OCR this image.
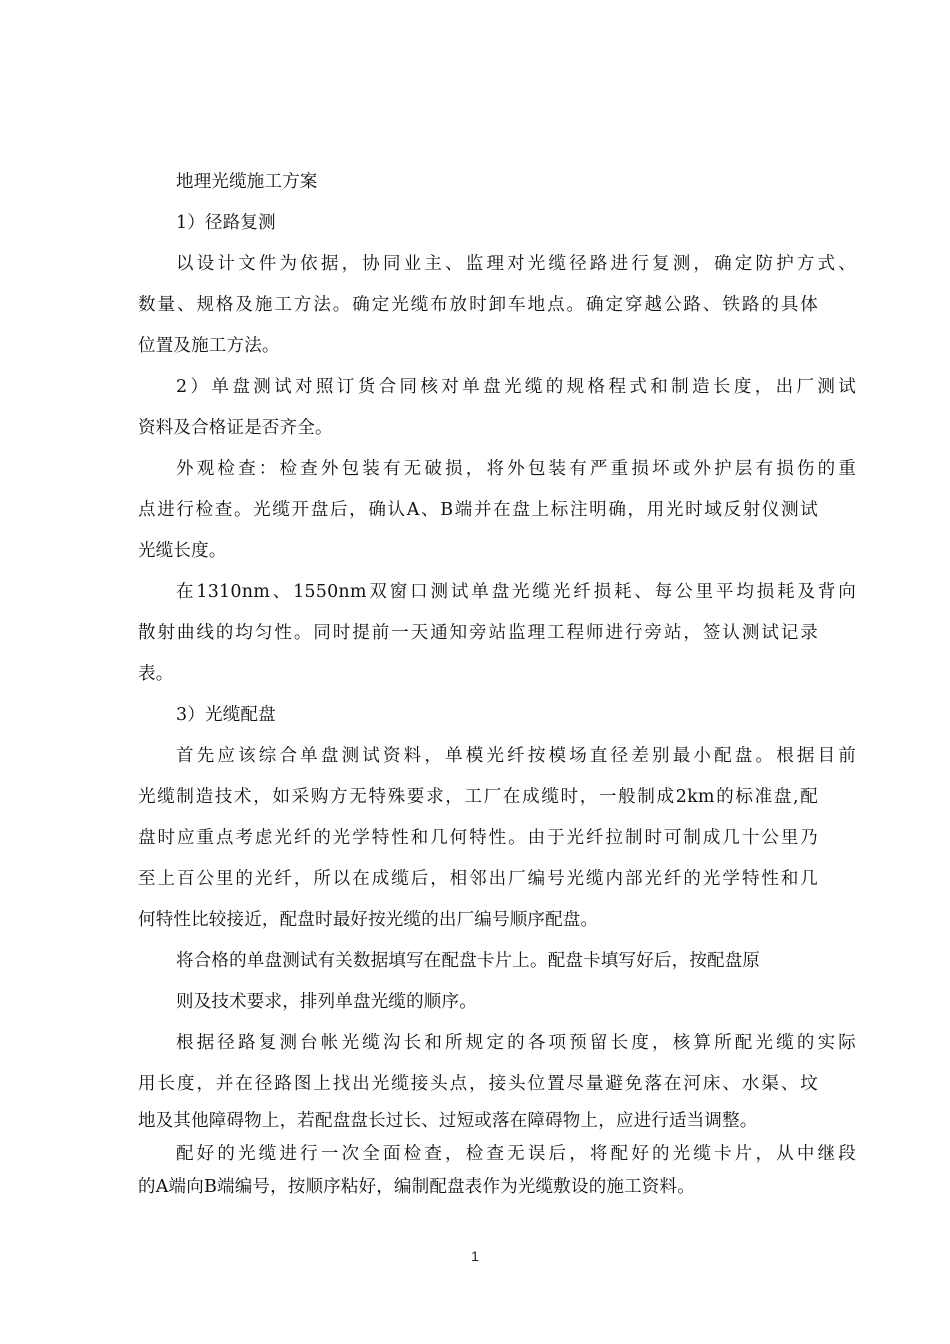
地理光缆施工方案
1）径路复测
以设计文件为依据，协同业主、监理对光缆径路进行复测，确定防护方式、
数量、规格及施工方法。确定光缆布放时卸车地点。确定穿越公路、铁路的具体
位置及施工方法。
2）单盘测试对照订货合同核对单盘光缆的规格程式和制造长度，出厂测试
资料及合格证是否齐全。
外观检查：检查外包装有无破损，将外包装有严重损坏或外护层有损伤的重
点进行检查。光缆开盘后，确认A、B端并在盘上标注明确，用光时域反射仪测试
光缆长度。
在1310nm、1550nm双窗口测试单盘光缆光纤损耗、每公里平均损耗及背向
散射曲线的均匀性。同时提前一天通知旁站监理工程师进行旁站，签认测试记录
表。
3）光缆配盘
首先应该综合单盘测试资料，单模光纤按模场直径差别最小配盘。根据目前
光缆制造技术，如采购方无特殊要求，工厂在成缆时，一般制成2km的标准盘,配
盘时应重点考虑光纤的光学特性和几何特性。由于光纤拉制时可制成几十公里乃
至上百公里的光纤，所以在成缆后，相邻出厂编号光缆内部光纤的光学特性和几
何特性比较接近，配盘时最好按光缆的出厂编号顺序配盘。
将合格的单盘测试有关数据填写在配盘卡片上。配盘卡填写好后，按配盘原
则及技术要求，排列单盘光缆的顺序。
根据径路复测台帐光缆沟长和所规定的各项预留长度，核算所配光缆的实际
用长度，并在径路图上找出光缆接头点，接头位置尽量避免落在河床、水渠、坟
地及其他障碍物上，若配盘盘长过长、过短或落在障碍物上，应进行适当调整。
配好的光缆进行一次全面检查，检查无误后，将配好的光缆卡片，从中继段
的A端向B端编号，按顺序粘好，编制配盘表作为光缆敷设的施工资料。
1
